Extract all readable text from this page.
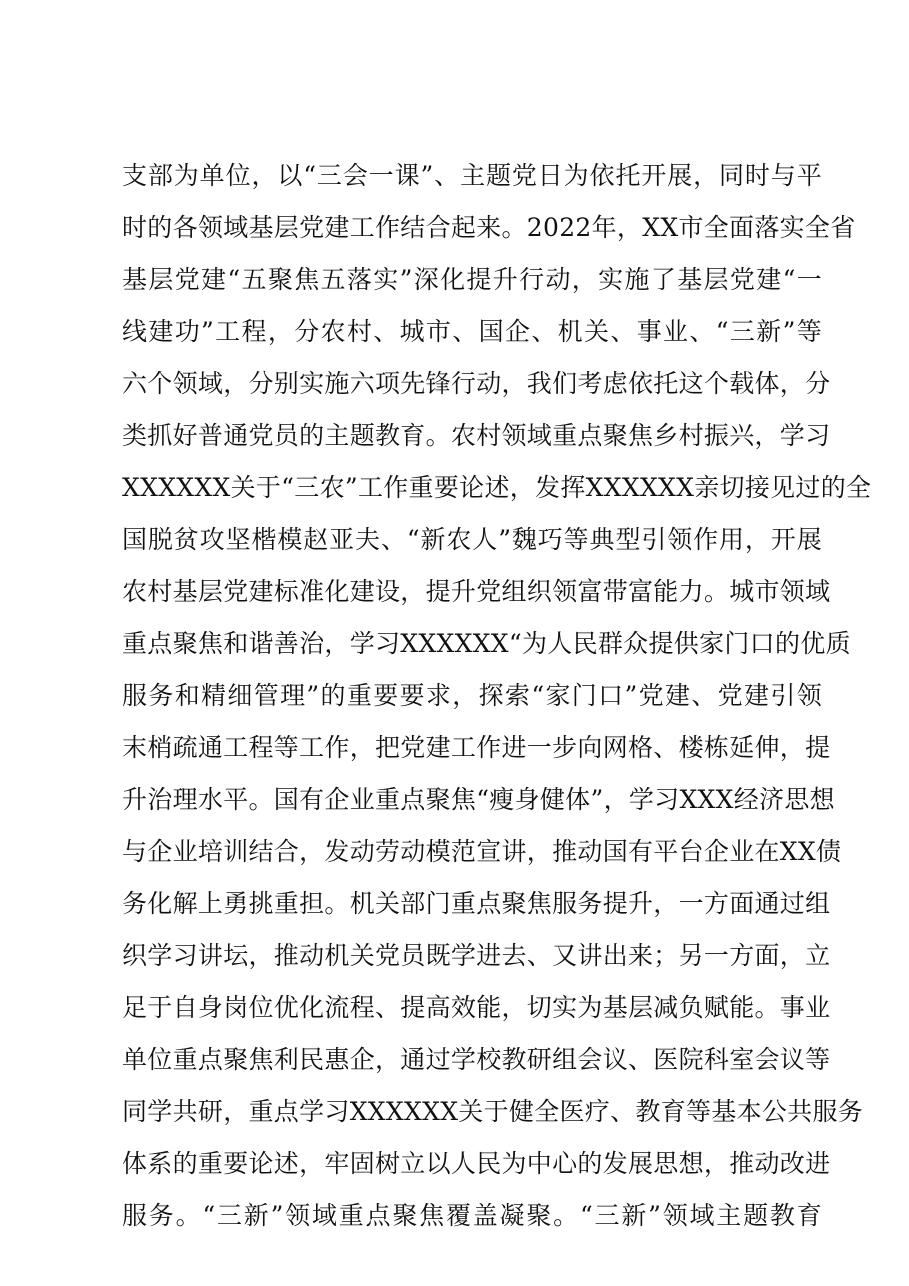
支部为单位，以“三会一课”、主题党日为依托开展，同时与平
时的各领域基层党建工作结合起来。2022年，XX市全面落实全省
基层党建“五聚焦五落实”深化提升行动，实施了基层党建“一
线建功”工程，分农村、城市、国企、机关、事业、“三新”等
六个领域，分别实施六项先锋行动，我们考虑依托这个载体，分
类抓好普通党员的主题教育。农村领域重点聚焦乡村振兴，学习
XXXXXX关于“三农”工作重要论述，发挥XXXXXX亲切接见过的全
国脱贫攻坚楷模赵亚夫、“新农人”魏巧等典型引领作用，开展
农村基层党建标准化建设，提升党组织领富带富能力。城市领域
重点聚焦和谐善治，学习XXXXXX“为人民群众提供家门口的优质
服务和精细管理”的重要要求，探索“家门口”党建、党建引领
末梢疏通工程等工作，把党建工作进一步向网格、楼栋延伸，提
升治理水平。国有企业重点聚焦“瘦身健体”，学习XXX经济思想
与企业培训结合，发动劳动模范宣讲，推动国有平台企业在XX债
务化解上勇挑重担。机关部门重点聚焦服务提升，一方面通过组
织学习讲坛，推动机关党员既学进去、又讲出来；另一方面，立
足于自身岗位优化流程、提高效能，切实为基层减负赋能。事业
单位重点聚焦利民惠企，通过学校教研组会议、医院科室会议等
同学共研，重点学习XXXXXX关于健全医疗、教育等基本公共服务
体系的重要论述，牢固树立以人民为中心的发展思想，推动改进
服务。“三新”领域重点聚焦覆盖凝聚。“三新”领域主题教育
